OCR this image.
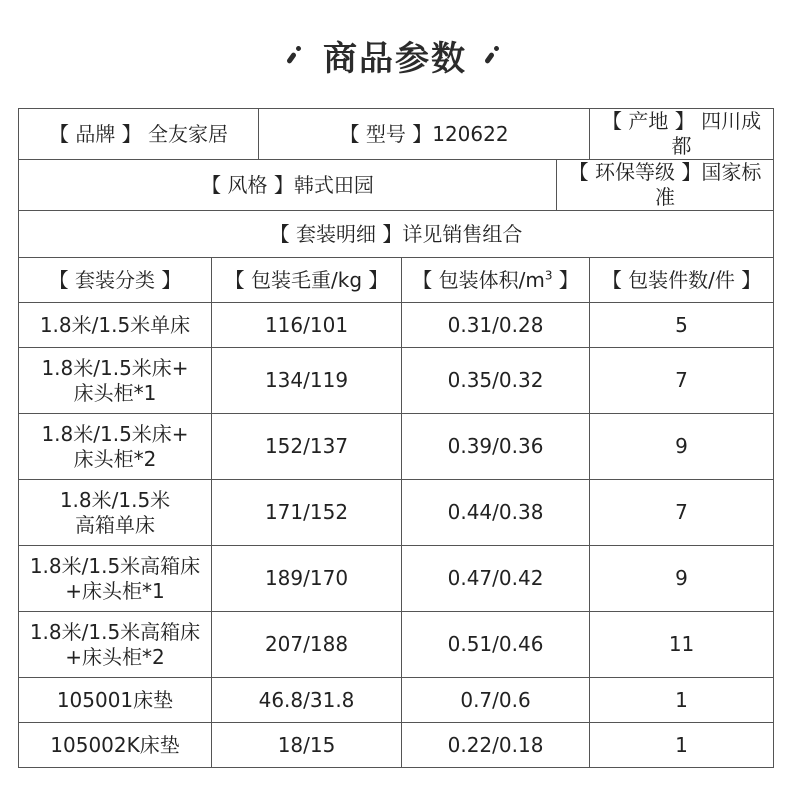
商品参数
【 品牌 】 全友家居		【 型号 】120622			【 产地 】 四川成都
【 风格 】韩式田园				【 环保等级 】国家标准	
【 套装明细 】详见销售组合					
【 套装分类 】	【 包装毛重/kg 】		【 包装体积$/m^3$ 】		【 包装件数/件 】

1.8米/1.5米单床	116/101		0.31/0.28		5

1.8米/1.5米床+
床头柜*1	134/119		0.35/0.32		7

1.8米/1.5米床+
床头柜*2	152/137		0.39/0.36		9

1.8米/1.5米
高箱单床	171/152		0.44/0.38		7

1.8米/1.5米高箱床
+床头柜*1	189/170		0.47/0.42		9

1.8米/1.5米高箱床
+床头柜*2	207/188		0.51/0.46		11

105001床垫	46.8/31.8		0.7/0.6		1

105002K床垫	18/15		0.22/0.18		1
